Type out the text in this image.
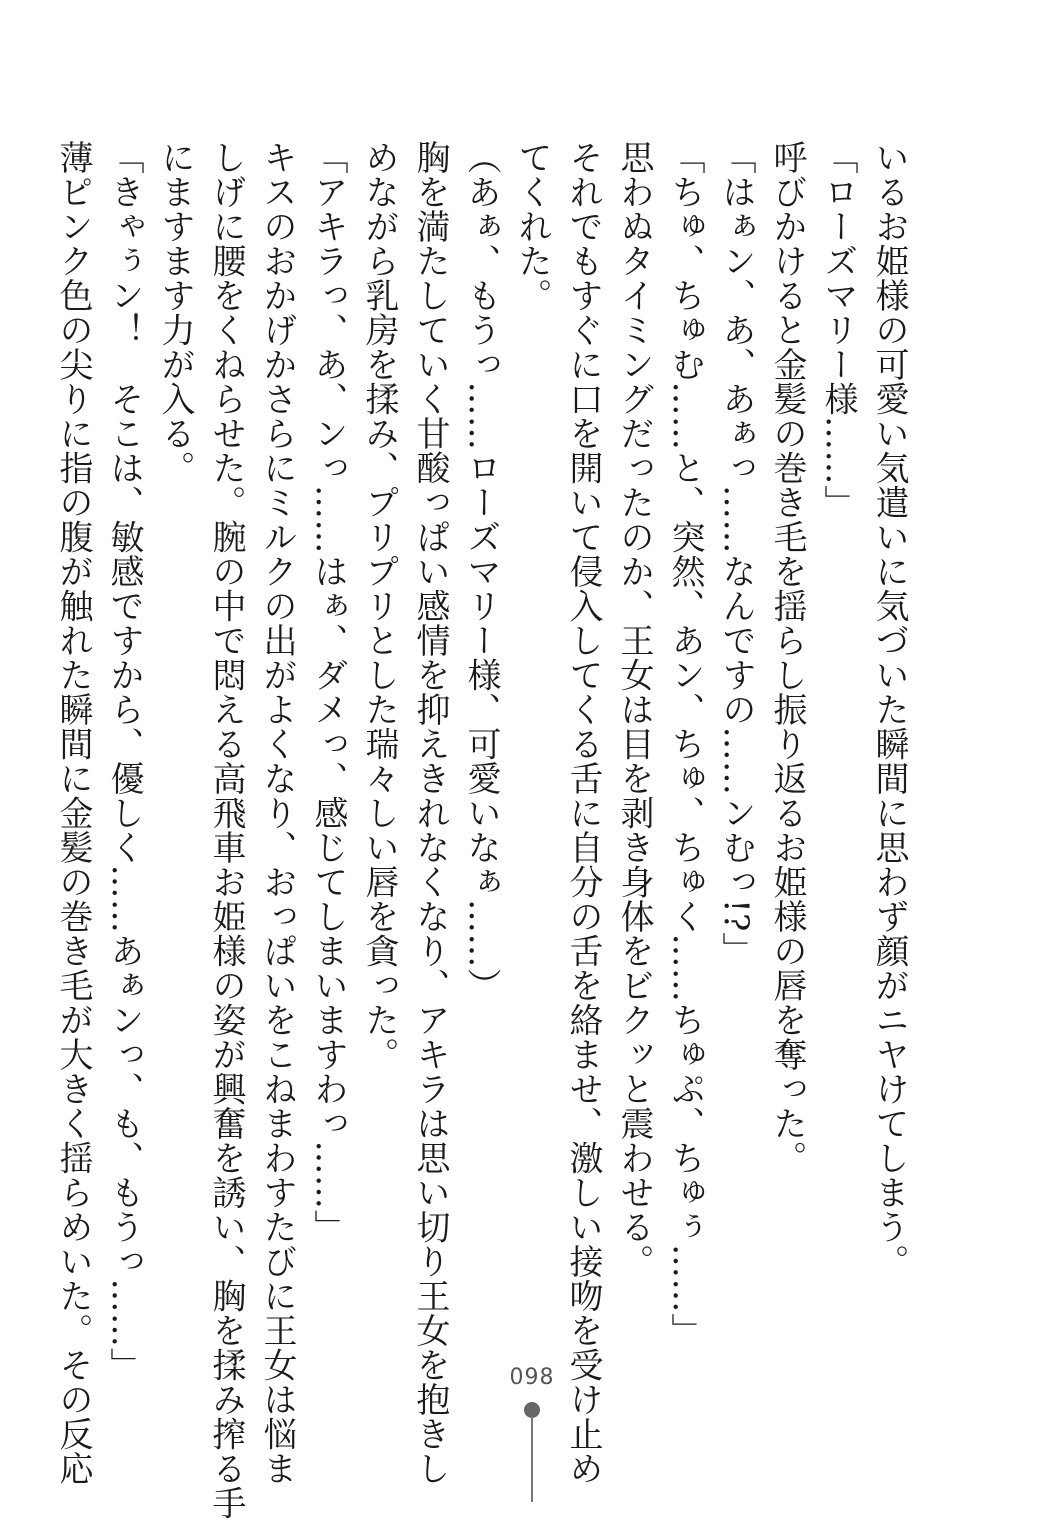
いるお姫様の可愛い気遣いに気づいた瞬間に思わず顔がニヤけてしまう。

「ローズマリー様……」

呼びかけると金髪の巻き毛を揺らし振り返るお姫様の唇を奪った。

「はぁン、あ、あぁっ……なんですの……ンむっ!?」

「ちゅ、ちゅむ……と、突然、あン、ちゅ、ちゅく……ちゅぷ、ちゅぅ……」

思わぬタイミングだったのか、王女は目を剥き身体をビクッと震わせる。

それでもすぐに口を開いて侵入してくる舌に自分の舌を絡ませ、激しい接吻を受け止め

てくれた。

（あぁ、もうっ……ローズマリー様、可愛いなぁ……）

胸を満たしていく甘酸っぱい感情を抑えきれなくなり、アキラは思い切り王女を抱きし

めながら乳房を揉み、プリプリとした瑞々しい唇を貪った。

「アキラっ、あ、ンっ……はぁ、ダメっ、感じてしまいますわっ……」

キスのおかげかさらにミルクの出がよくなり、おっぱいをこねまわすたびに王女は悩ま

しげに腰をくねらせた。腕の中で悶える高飛車お姫様の姿が興奮を誘い、胸を揉み搾る手

にますます力が入る。

「きゃぅン！　そこは、敏感ですから、優しく……あぁンっ、も、もうっ……」

薄ピンク色の尖りに指の腹が触れた瞬間に金髪の巻き毛が大きく揺らめいた。その反応	098
